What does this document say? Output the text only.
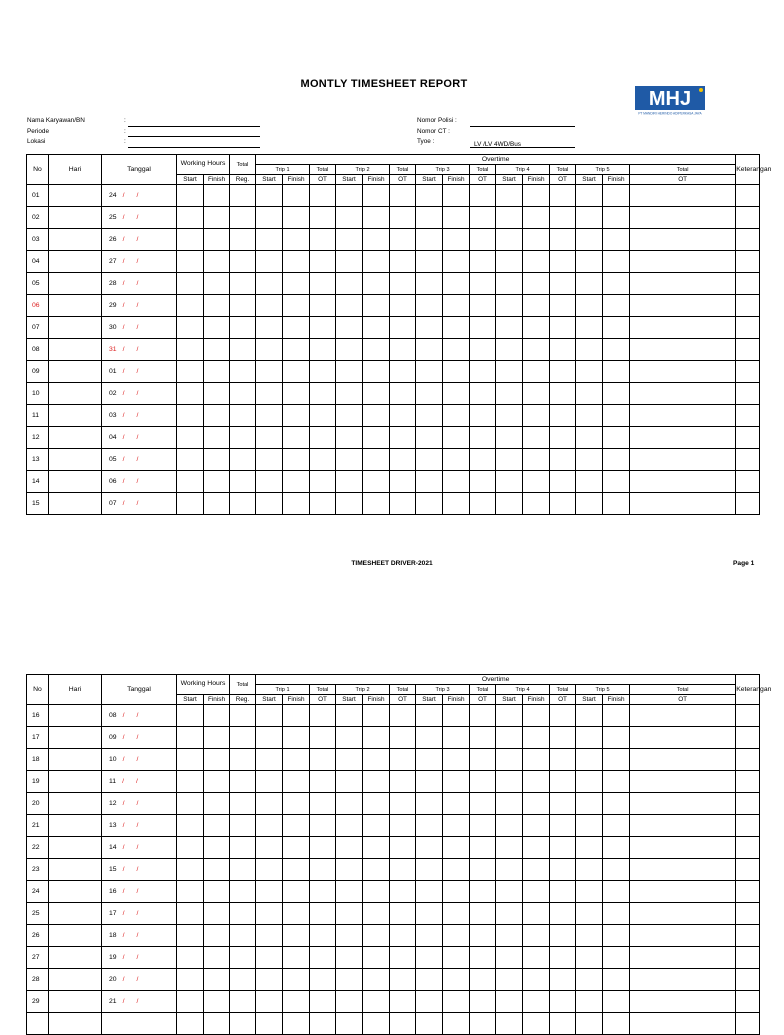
MONTLY TIMESHEET REPORT
MHJ
PT MANDIRI HERINDO ADIPERKASA JAYA
Nama Karyawan/BN	:
Periode	:
Lokasi	:
Nomor Polisi :
Nomor CT :
Tyoe :	LV /LV 4WD/Bus
No	Hari	Tanggal	Working Hours		Total	Overtime															Keterangan
						Trip 1		Total	Trip 2		Total	Trip 3		Total	Trip 4		Total	Trip 5		Total	
			Start	Finish	Reg.	Start	Finish	OT	Start	Finish	OT	Start	Finish	OT	Start	Finish	OT	Start	Finish	OT	
01		24 / /																			
02		25 / /																			
03		26 / /																			
04		27 / /																			
05		28 / /																			
06		29 / /																			
07		30 / /																			
08		31 / /																			
09		01 / /																			
10		02 / /																			
11		03 / /																			
12		04 / /																			
13		05 / /																			
14		06 / /																			
15		07 / /																			
TIMESHEET DRIVER-2021	Page 1
No	Hari	Tanggal	Working Hours		Total	Overtime															Keterangan
						Trip 1		Total	Trip 2		Total	Trip 3		Total	Trip 4		Total	Trip 5		Total	
			Start	Finish	Reg.	Start	Finish	OT	Start	Finish	OT	Start	Finish	OT	Start	Finish	OT	Start	Finish	OT	
16		08 / /																			
17		09 / /																			
18		10 / /																			
19		11 / /																			
20		12 / /																			
21		13 / /																			
22		14 / /																			
23		15 / /																			
24		16 / /																			
25		17 / /																			
26		18 / /																			
27		19 / /																			
28		20 / /																			
29		21 / /																			
